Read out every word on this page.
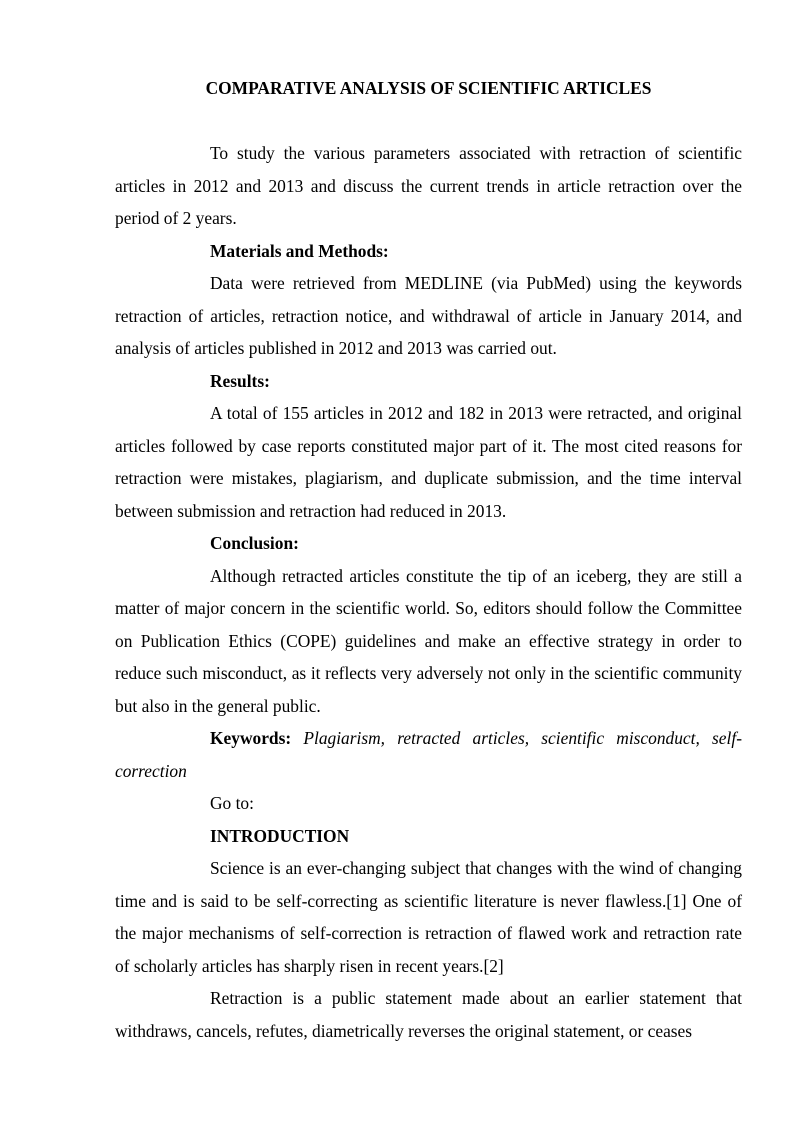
COMPARATIVE ANALYSIS OF SCIENTIFIC ARTICLES

To study the various parameters associated with retraction of scientific articles in 2012 and 2013 and discuss the current trends in article retraction over the period of 2 years.

Materials and Methods:

Data were retrieved from MEDLINE (via PubMed) using the keywords retraction of articles, retraction notice, and withdrawal of article in January 2014, and analysis of articles published in 2012 and 2013 was carried out.

Results:

A total of 155 articles in 2012 and 182 in 2013 were retracted, and original articles followed by case reports constituted major part of it. The most cited reasons for retraction were mistakes, plagiarism, and duplicate submission, and the time interval between submission and retraction had reduced in 2013.

Conclusion:

Although retracted articles constitute the tip of an iceberg, they are still a matter of major concern in the scientific world. So, editors should follow the Committee on Publication Ethics (COPE) guidelines and make an effective strategy in order to reduce such misconduct, as it reflects very adversely not only in the scientific community but also in the general public.

Keywords: Plagiarism, retracted articles, scientific misconduct, self-correction

Go to:

INTRODUCTION

Science is an ever-changing subject that changes with the wind of changing time and is said to be self-correcting as scientific literature is never flawless.[1] One of the major mechanisms of self-correction is retraction of flawed work and retraction rate of scholarly articles has sharply risen in recent years.[2]

Retraction is a public statement made about an earlier statement that withdraws, cancels, refutes, diametrically reverses the original statement, or ceases
